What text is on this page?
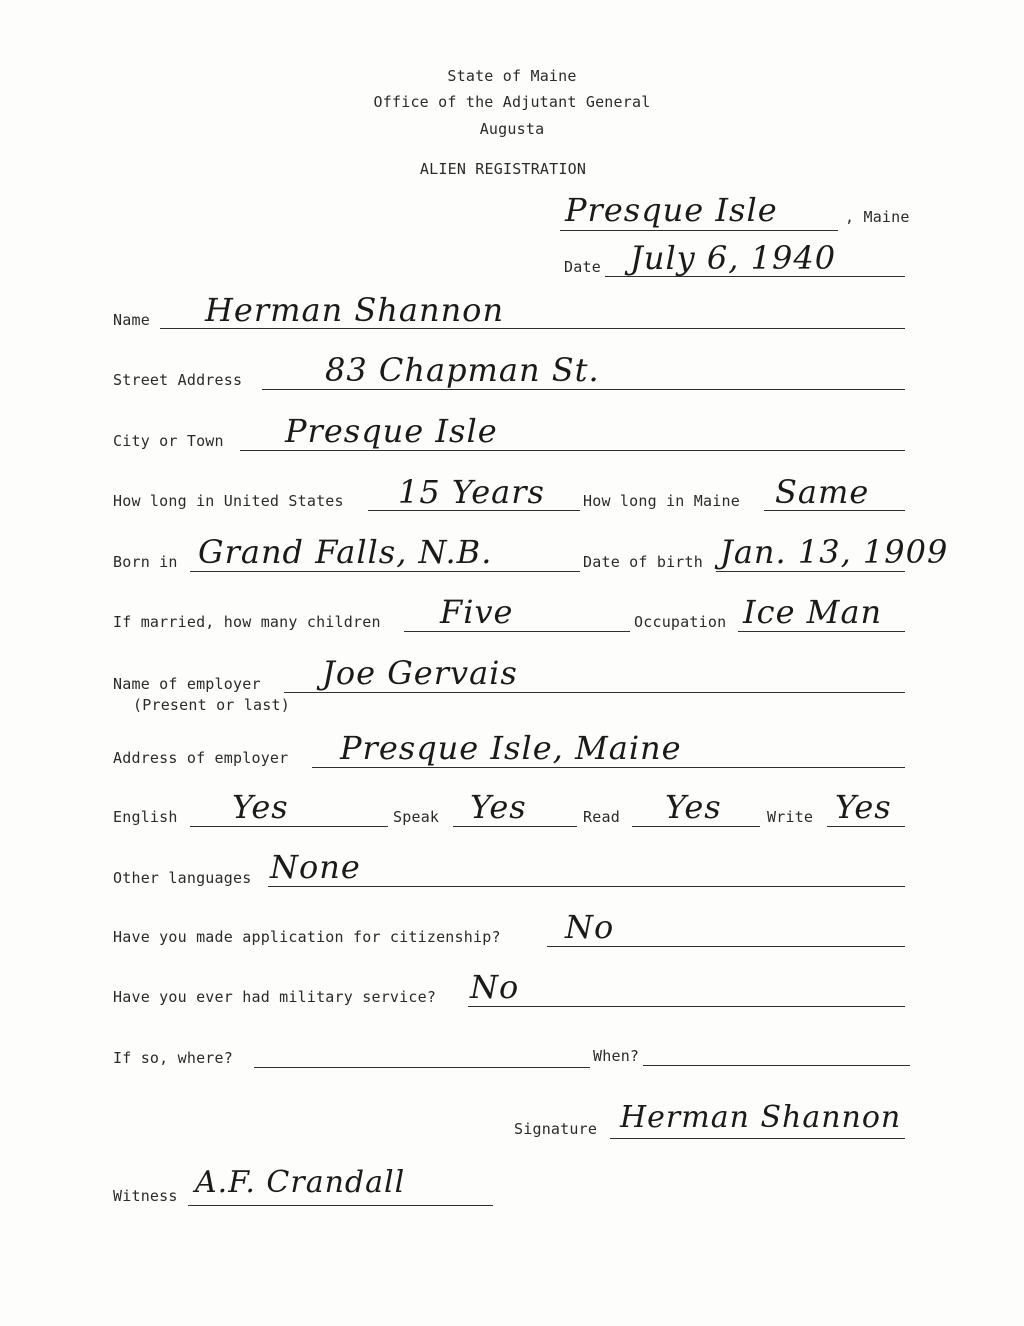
State of Maine
Office of the Adjutant General
Augusta
ALIEN REGISTRATION
Presque Isle	, Maine
Date July 6, 1940
Name Herman Shannon
Street Address	83 Chapman St.
City or Town Presque Isle
How long in United States 15 Years	How long in Maine Same
Born in Grand Falls, N.B.	Date of birth Jan. 13, 1909
If married, how many children Five	Occupation Ice Man
Name of employer
(Present or last)
Joe Gervais
Address of employer Presque Isle, Maine
English Yes	Speak Yes	Read Yes	Write Yes
Other languages None
Have you made application for citizenship? No
Have you ever had military service? No
If so, where?	When?
Signature Herman Shannon
Witness A.F. Crandall
